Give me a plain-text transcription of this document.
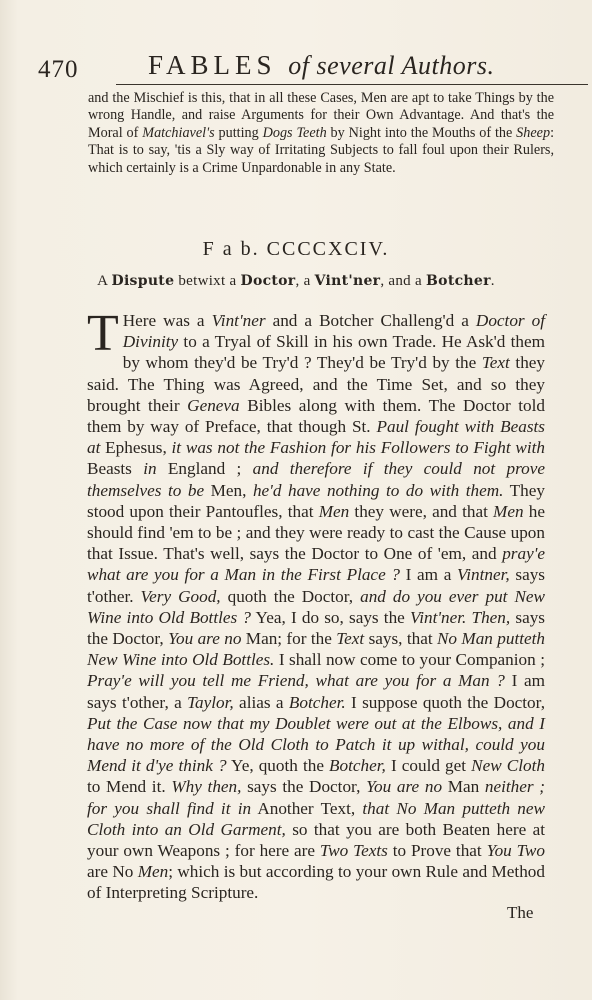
470	FABLES of several Authors.

and the Mischief is this, that in all these Cases, Men are apt to take Things by the wrong Handle, and raise Arguments for their Own Advantage. And that's the Moral of Matchiavel's putting Dogs Teeth by Night into the Mouths of the Sheep: That is to say, 'tis a Sly way of Irritating Subjects to fall foul upon their Rulers, which certainly is a Crime Unpardonable in any State.

F a b. CCCCXCIV.
A Dispute betwixt a Doctor, a Vint'ner, and a Botcher.

T Here was a Vint'ner and a Botcher Challeng'd a Doctor of Divinity to a Tryal of Skill in his own Trade. He Ask'd them by whom they'd be Try'd ? They'd be Try'd by the Text they said. The Thing was Agreed, and the Time Set, and so they brought their Geneva Bibles along with them. The Doctor told them by way of Preface, that though St. Paul fought with Beasts at Ephesus, it was not the Fashion for his Followers to Fight with Beasts in England ; and therefore if they could not prove themselves to be Men, he'd have nothing to do with them. They stood upon their Pantoufles, that Men they were, and that Men he should find 'em to be ; and they were ready to cast the Cause upon that Issue. That's well, says the Doctor to One of 'em, and pray'e what are you for a Man in the First Place ? I am a Vintner, says t'other. Very Good, quoth the Doctor, and do you ever put New Wine into Old Bottles ? Yea, I do so, says the Vint'ner. Then, says the Doctor, You are no Man; for the Text says, that No Man putteth New Wine into Old Bottles. I shall now come to your Companion ; Pray'e will you tell me Friend, what are you for a Man ? I am says t'other, a Taylor, alias a Botcher. I suppose quoth the Doctor, Put the Case now that my Doublet were out at the Elbows, and I have no more of the Old Cloth to Patch it up withal, could you Mend it d'ye think ? Ye, quoth the Botcher, I could get New Cloth to Mend it. Why then, says the Doctor, You are no Man neither ; for you shall find it in Another Text, that No Man putteth new Cloth into an Old Garment, so that you are both Beaten here at your own Weapons ; for here are Two Texts to Prove that You Two are No Men; which is but according to your own Rule and Method of Interpreting Scripture.

The
